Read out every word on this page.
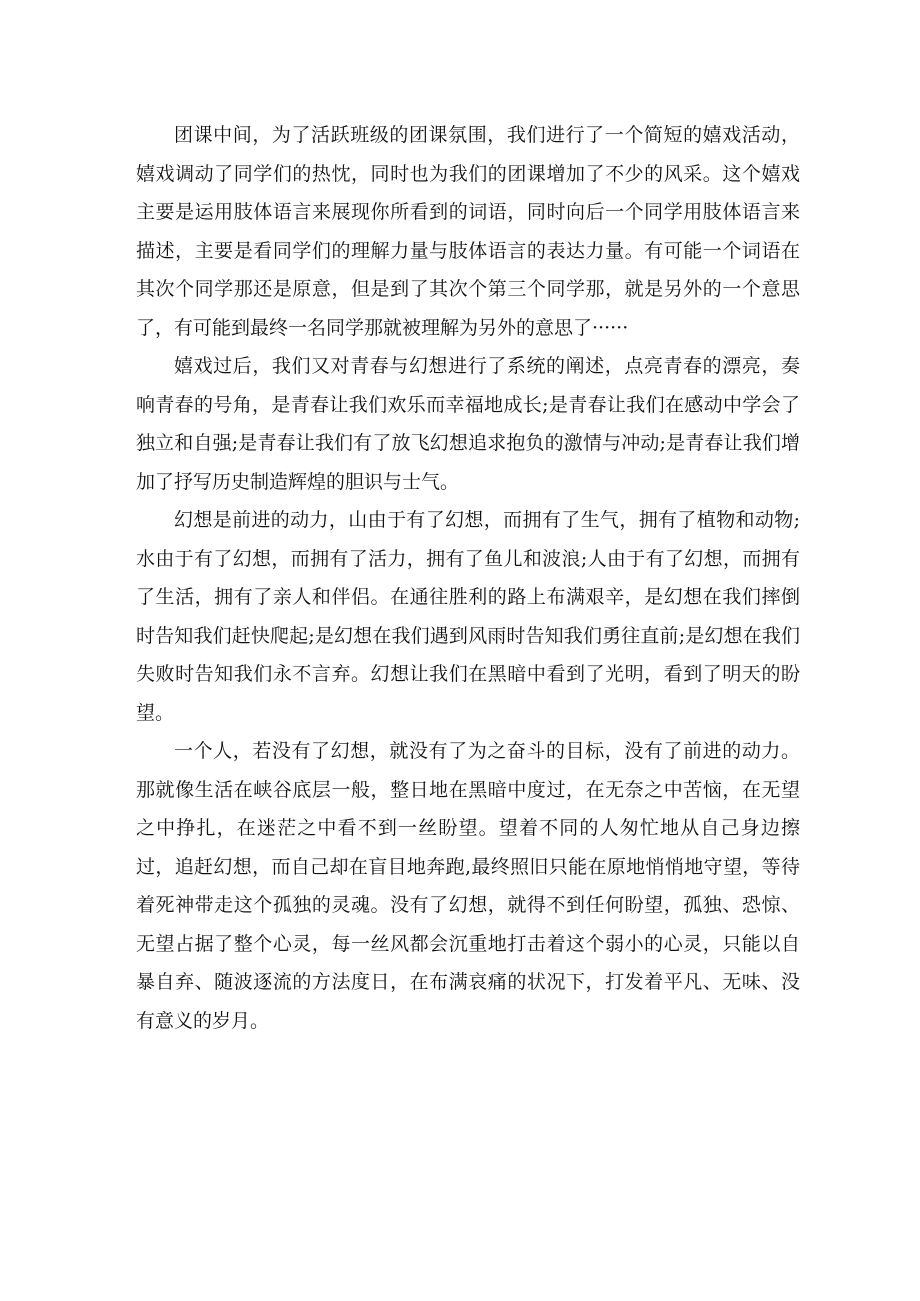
团课中间，为了活跃班级的团课氛围，我们进行了一个简短的嬉戏活动，嬉戏调动了同学们的热忱，同时也为我们的团课增加了不少的风采。这个嬉戏主要是运用肢体语言来展现你所看到的词语，同时向后一个同学用肢体语言来描述，主要是看同学们的理解力量与肢体语言的表达力量。有可能一个词语在其次个同学那还是原意，但是到了其次个第三个同学那，就是另外的一个意思了，有可能到最终一名同学那就被理解为另外的意思了······

嬉戏过后，我们又对青春与幻想进行了系统的阐述，点亮青春的漂亮，奏响青春的号角，是青春让我们欢乐而幸福地成长;是青春让我们在感动中学会了独立和自强;是青春让我们有了放飞幻想追求抱负的激情与冲动;是青春让我们增加了抒写历史制造辉煌的胆识与士气。

幻想是前进的动力，山由于有了幻想，而拥有了生气，拥有了植物和动物;水由于有了幻想，而拥有了活力，拥有了鱼儿和波浪;人由于有了幻想，而拥有了生活，拥有了亲人和伴侣。在通往胜利的路上布满艰辛，是幻想在我们摔倒时告知我们赶快爬起;是幻想在我们遇到风雨时告知我们勇往直前;是幻想在我们失败时告知我们永不言弃。幻想让我们在黑暗中看到了光明，看到了明天的盼望。

一个人，若没有了幻想，就没有了为之奋斗的目标，没有了前进的动力。那就像生活在峡谷底层一般，整日地在黑暗中度过，在无奈之中苦恼，在无望之中挣扎，在迷茫之中看不到一丝盼望。望着不同的人匆忙地从自己身边擦过，追赶幻想，而自己却在盲目地奔跑,最终照旧只能在原地悄悄地守望，等待着死神带走这个孤独的灵魂。没有了幻想，就得不到任何盼望，孤独、恐惊、无望占据了整个心灵，每一丝风都会沉重地打击着这个弱小的心灵，只能以自暴自弃、随波逐流的方法度日，在布满哀痛的状况下，打发着平凡、无味、没有意义的岁月。
